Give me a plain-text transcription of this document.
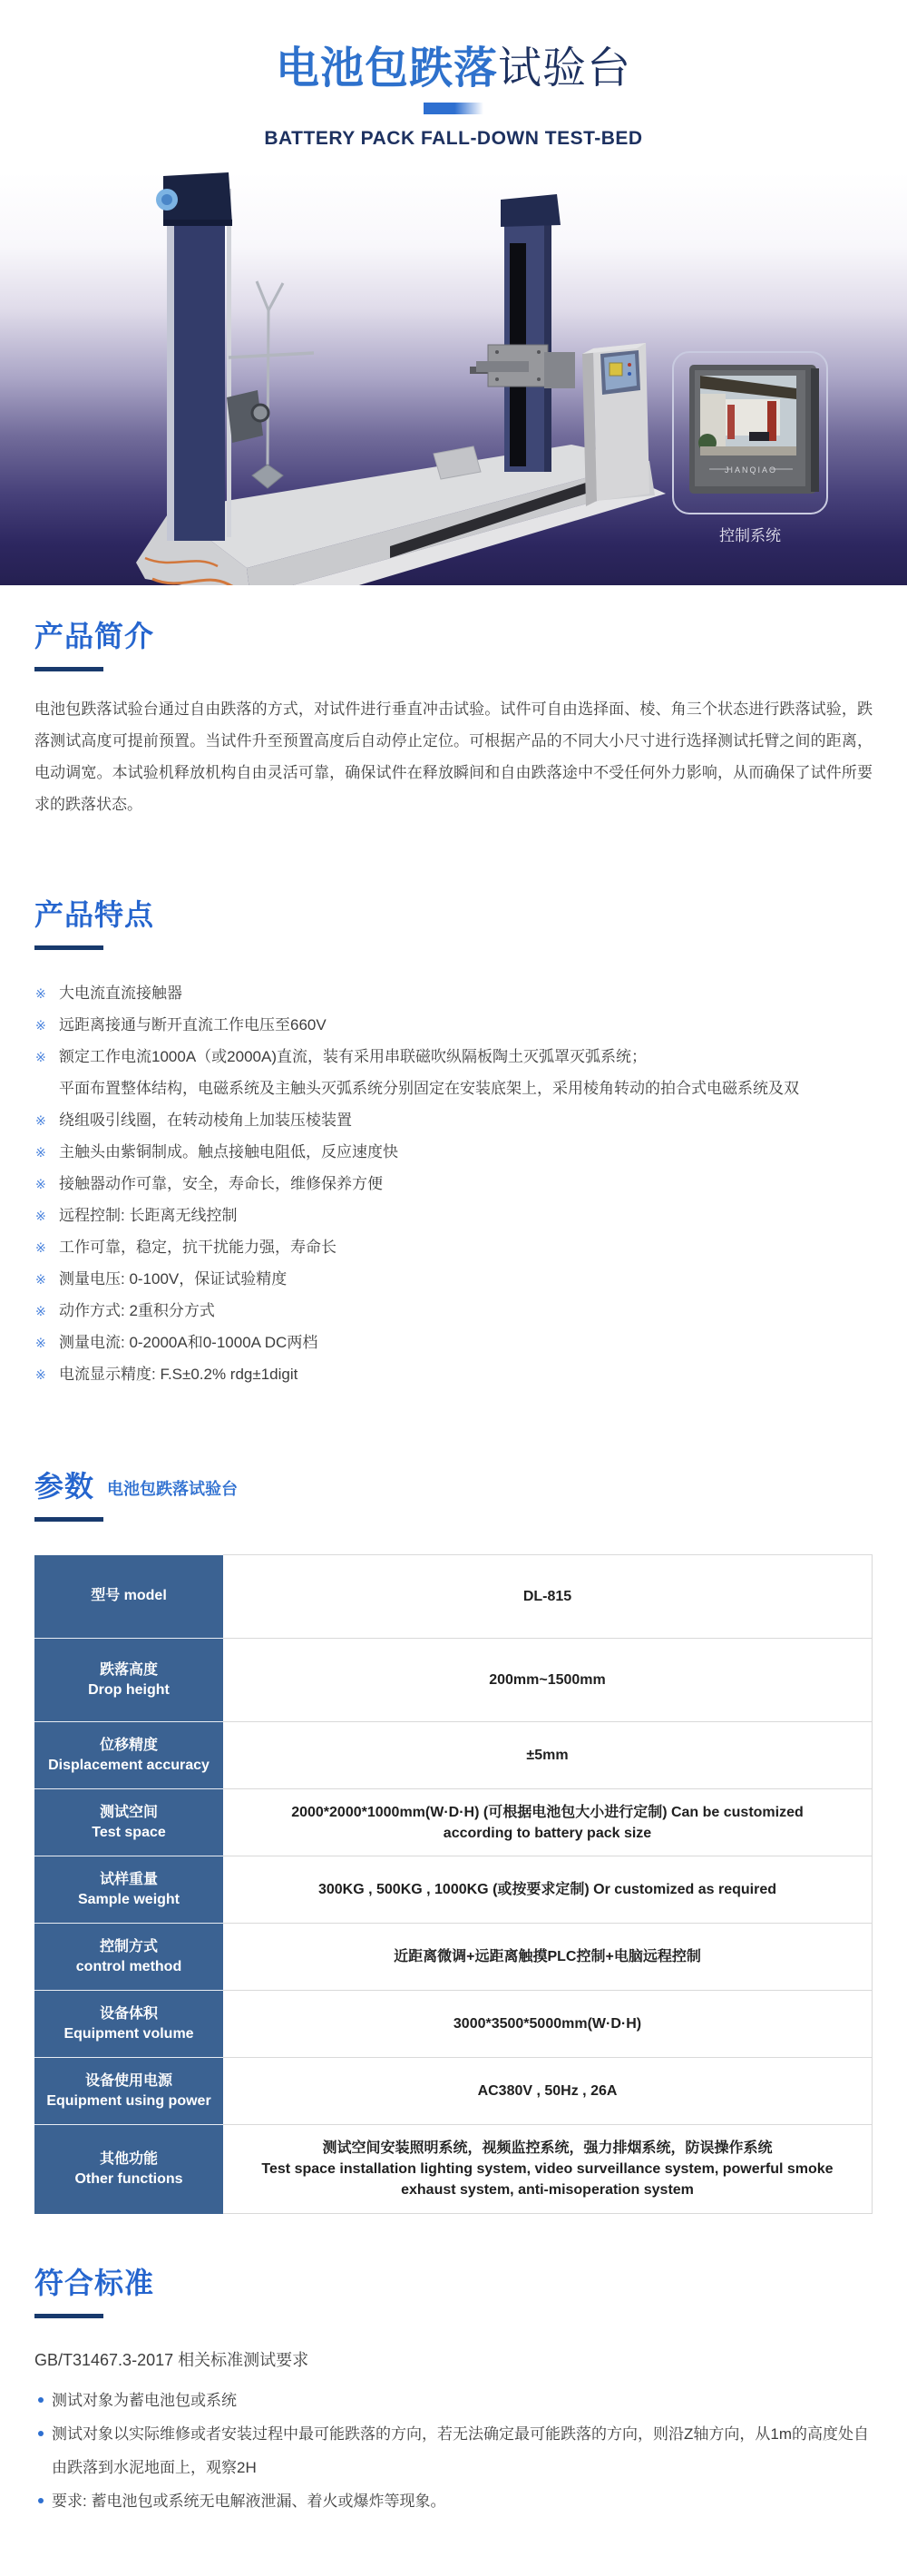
电池包跌落试验台
BATTERY PACK FALL-DOWN TEST-BED
JIANQIAO
控制系统
产品简介

电池包跌落试验台通过自由跌落的方式，对试件进行垂直冲击试验。试件可自由选择面、棱、角三个状态进行跌落试验，跌落测试高度可提前预置。当试件升至预置高度后自动停止定位。可根据产品的不同大小尺寸进行选择测试托臂之间的距离，电动调宽。本试验机释放机构自由灵活可靠，确保试件在释放瞬间和自由跌落途中不受任何外力影响，从而确保了试件所要求的跌落状态。

产品特点
※ 大电流直流接触器
※ 远距离接通与断开直流工作电压至660V
※ 额定工作电流1000A（或2000A)直流，装有采用串联磁吹纵隔板陶土灭弧罩灭弧系统；
平面布置整体结构，电磁系统及主触头灭弧系统分别固定在安装底架上，采用棱角转动的拍合式电磁系统及双
※ 绕组吸引线圈，在转动棱角上加装压棱装置
※ 主触头由紫铜制成。触点接触电阻低，反应速度快
※ 接触器动作可靠，安全，寿命长，维修保养方便
※ 远程控制: 长距离无线控制
※ 工作可靠，稳定，抗干扰能力强，寿命长
※ 测量电压: 0-100V，保证试验精度
※ 动作方式: 2重积分方式
※ 测量电流: 0-2000A和0-1000A DC两档
※ 电流显示精度: F.S±0.2% rdg±1digit
参数 电池包跌落试验台
型号 model	DL-815

跌落高度
Drop height	200mm~1500mm

位移精度
Displacement accuracy	±5mm

测试空间
Test space	2000*2000*1000mm(W·D·H) (可根据电池包大小进行定制) Can be customized according to battery pack size

试样重量
Sample weight	300KG , 500KG , 1000KG (或按要求定制) Or customized as required

控制方式
control method	近距离微调+远距离触摸PLC控制+电脑远程控制

设备体积
Equipment volume	3000*3500*5000mm(W·D·H)

设备使用电源
Equipment using power	AC380V , 50Hz , 26A

其他功能
Other functions	测试空间安装照明系统，视频监控系统，强力排烟系统，防误操作系统
Test space installation lighting system, video surveillance system, powerful smoke exhaust system, anti-misoperation system
符合标准

GB/T31467.3-2017 相关标准测试要求

测试对象为蓄电池包或系统
测试对象以实际维修或者安装过程中最可能跌落的方向，若无法确定最可能跌落的方向，则沿Z轴方向，从1m的高度处自由跌落到水泥地面上，观察2H
要求: 蓄电池包或系统无电解液泄漏、着火或爆炸等现象。
